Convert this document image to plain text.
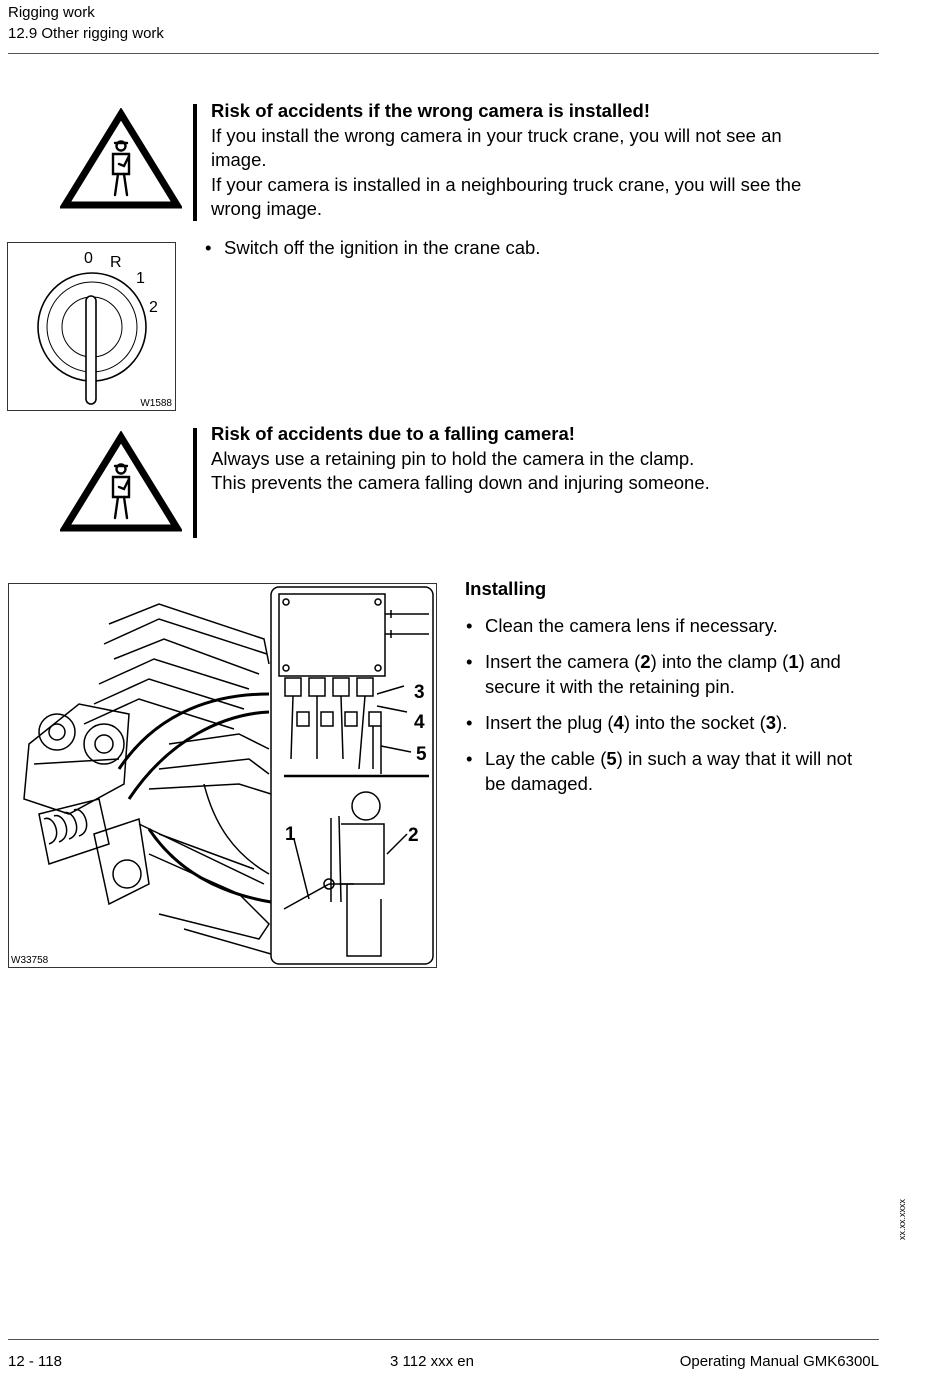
Rigging work
12.9 Other rigging work
Risk of accidents if the wrong camera is installed!
If you install the wrong camera in your truck crane, you will not see an
image.
If your camera is installed in a neighbouring truck crane, you will see the
wrong image.
0 R
1
2
W1588
• Switch off the ignition in the crane cab.
Risk of accidents due to a falling camera!
Always use a retaining pin to hold the camera in the clamp.
This prevents the camera falling down and injuring someone.
3
4
5
1	2
W33758
Installing
• Clean the camera lens if necessary.
• Insert the camera (2) into the clamp (1) and
secure it with the retaining pin.
• Insert the plug (4) into the socket (3).
• Lay the cable (5) in such a way that it will not
be damaged.
xx.xx.xxxx
12 - 118	3 112 xxx en	Operating Manual GMK6300L
